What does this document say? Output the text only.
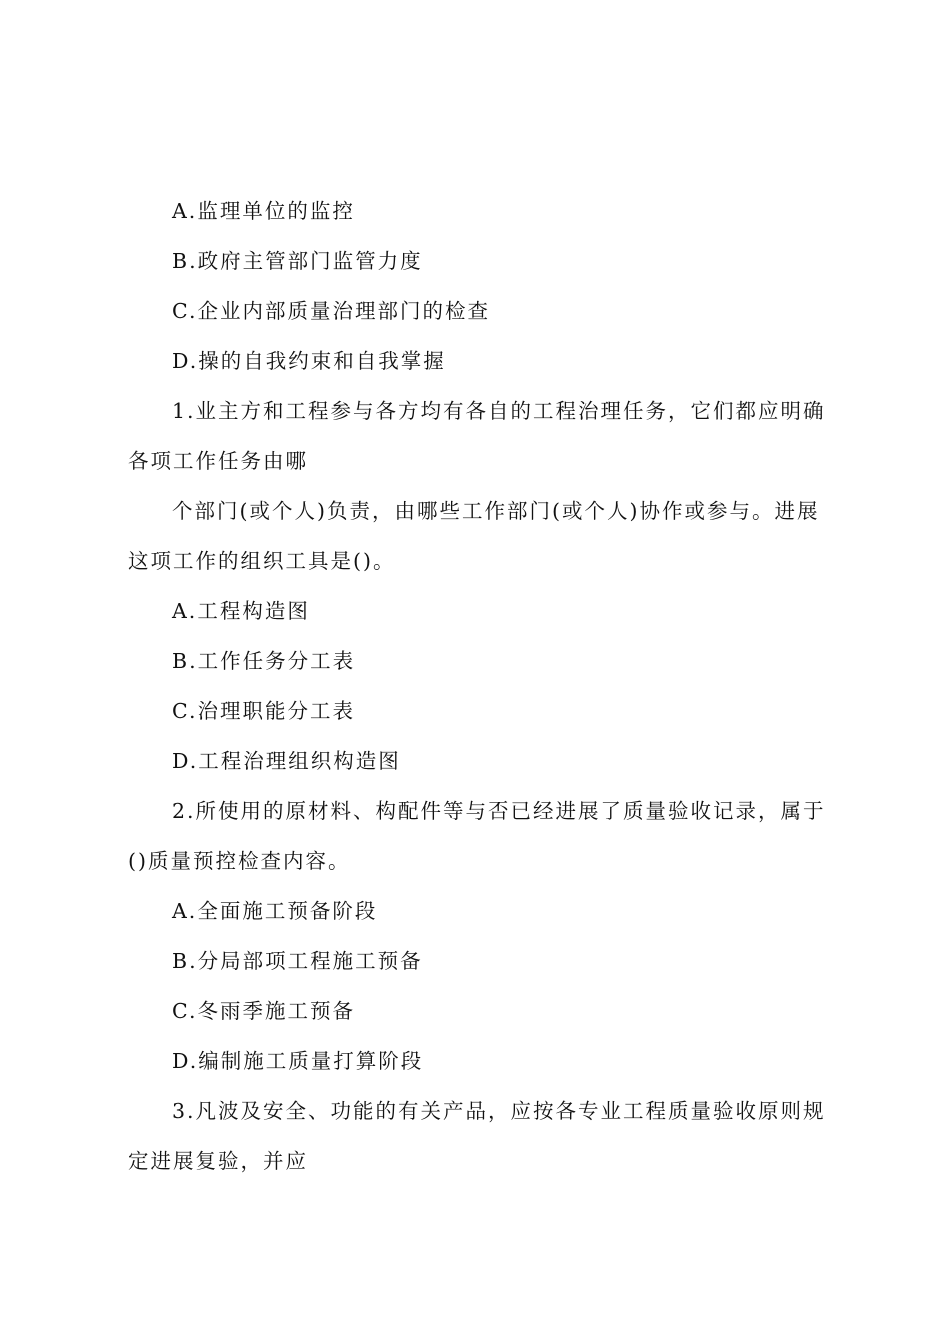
A.监理单位的监控

B.政府主管部门监管力度

C.企业内部质量治理部门的检查

D.操的自我约束和自我掌握

1.业主方和工程参与各方均有各自的工程治理任务，它们都应明确

各项工作任务由哪

个部门(或个人)负责，由哪些工作部门(或个人)协作或参与。进展

这项工作的组织工具是()。

A.工程构造图

B.工作任务分工表

C.治理职能分工表

D.工程治理组织构造图

2.所使用的原材料、构配件等与否已经进展了质量验收记录，属于

()质量预控检查内容。

A.全面施工预备阶段

B.分局部项工程施工预备

C.冬雨季施工预备

D.编制施工质量打算阶段

3.凡波及安全、功能的有关产品，应按各专业工程质量验收原则规

定进展复验，并应
